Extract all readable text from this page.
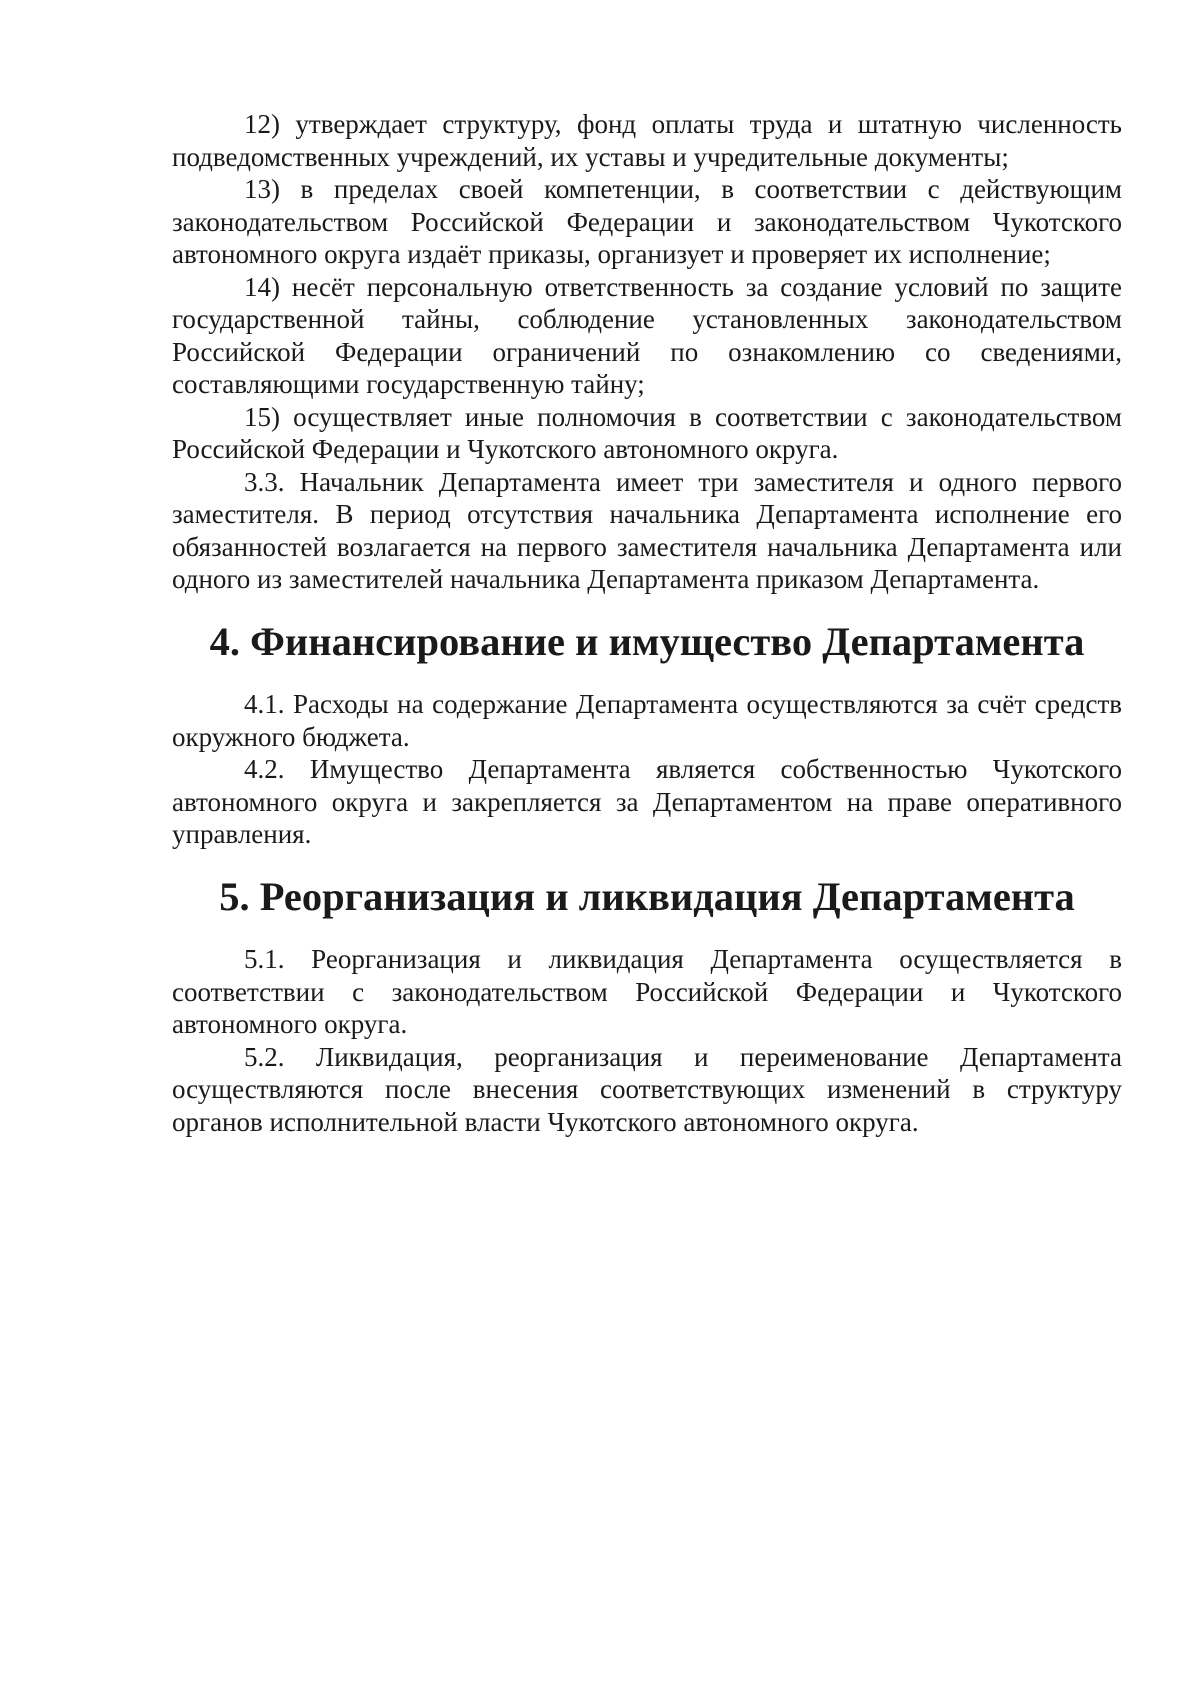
12) утверждает структуру, фонд оплаты труда и штатную численность подведомственных учреждений, их уставы и учредительные документы;

13) в пределах своей компетенции, в соответствии с действующим законодательством Российской Федерации и законодательством Чукотского автономного округа издаёт приказы, организует и проверяет их исполнение;

14) несёт персональную ответственность за создание условий по защите государственной тайны, соблюдение установленных законодательством Российской Федерации ограничений по ознакомлению со сведениями, составляющими государственную тайну;

15) осуществляет иные полномочия в соответствии с законодательством Российской Федерации и Чукотского автономного округа.

3.3. Начальник Департамента имеет три заместителя и одного первого заместителя. В период отсутствия начальника Департамента исполнение его обязанностей возлагается на первого заместителя начальника Департамента или одного из заместителей начальника Департамента приказом Департамента.

4. Финансирование и имущество Департамента

4.1. Расходы на содержание Департамента осуществляются за счёт средств окружного бюджета.

4.2. Имущество Департамента является собственностью Чукотского автономного округа и закрепляется за Департаментом на праве оперативного управления.

5. Реорганизация и ликвидация Департамента

5.1. Реорганизация и ликвидация Департамента осуществляется в соответствии с законодательством Российской Федерации и Чукотского автономного округа.

5.2. Ликвидация, реорганизация и переименование Департамента осуществляются после внесения соответствующих изменений в структуру органов исполнительной власти Чукотского автономного округа.
